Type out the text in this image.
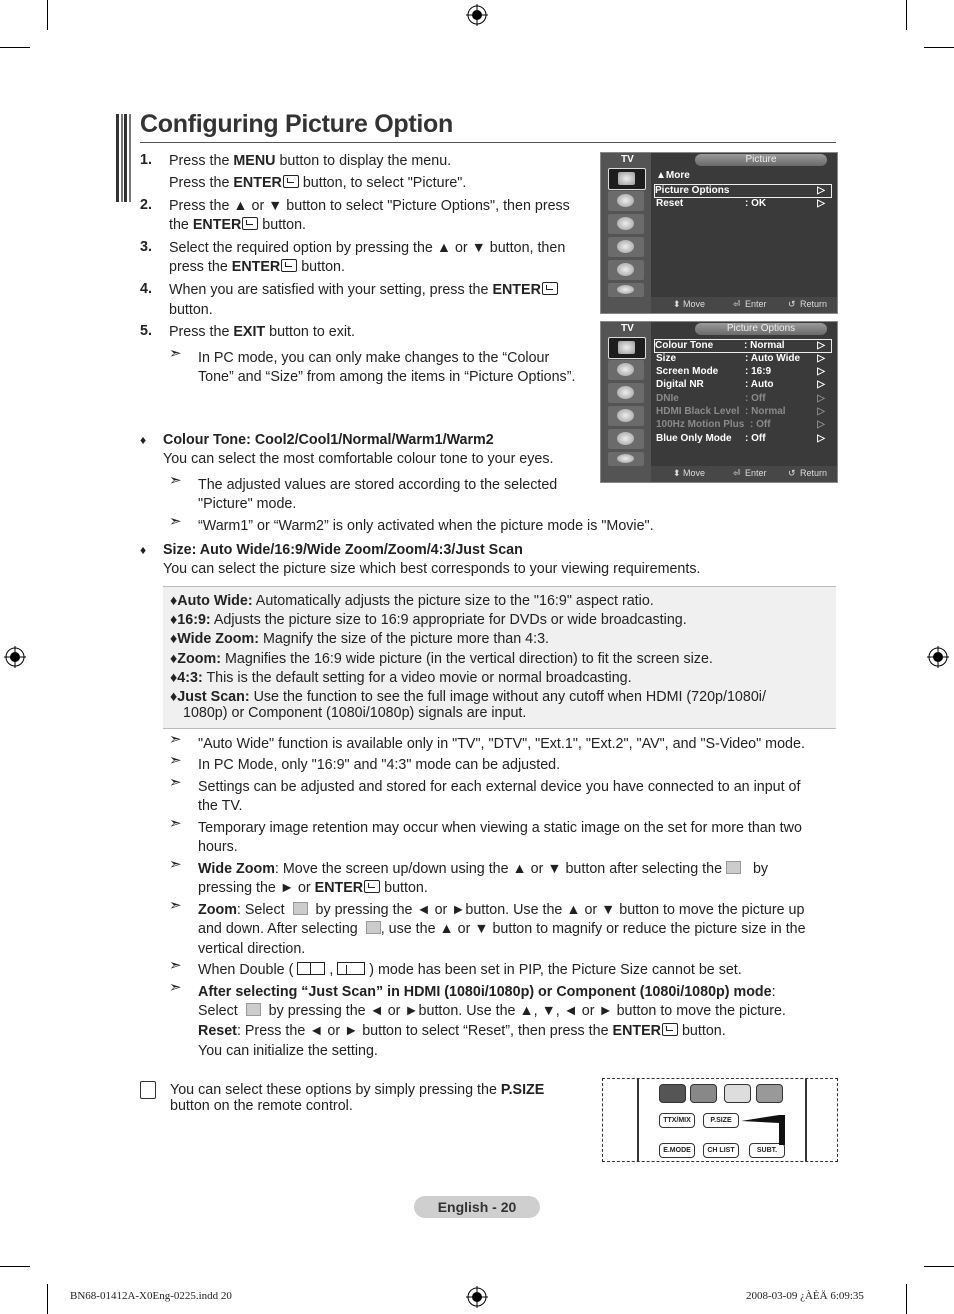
Configuring Picture Option
1. Press the MENU button to display the menu.
Press the ENTER button, to select "Picture".
2. Press the ▲ or ▼ button to select "Picture Options", then press
the ENTER button.
3. Select the required option by pressing the ▲ or ▼ button, then
press the ENTER button.
4. When you are satisfied with your setting, press the ENTER
button.
5. Press the EXIT button to exit.
➣ In PC mode, you can only make changes to the “Colour
Tone” and “Size” from among the items in “Picture Options”.
♦ Colour Tone: Cool2/Cool1/Normal/Warm1/Warm2
You can select the most comfortable colour tone to your eyes.
➣ The adjusted values are stored according to the selected
"Picture" mode.
➣ “Warm1” or “Warm2” is only activated when the picture mode is "Movie".
♦ Size: Auto Wide/16:9/Wide Zoom/Zoom/4:3/Just Scan
You can select the picture size which best corresponds to your viewing requirements.
♦Auto Wide: Automatically adjusts the picture size to the "16:9" aspect ratio.
♦16:9: Adjusts the picture size to 16:9 appropriate for DVDs or wide broadcasting.
♦Wide Zoom: Magnify the size of the picture more than 4:3.
♦Zoom: Magnifies the 16:9 wide picture (in the vertical direction) to fit the screen size.
♦4:3: This is the default setting for a video movie or normal broadcasting.
♦Just Scan: Use the function to see the full image without any cutoff when HDMI (720p/1080i/
1080p) or Component (1080i/1080p) signals are input.
➣ "Auto Wide" function is available only in "TV", "DTV", "Ext.1", "Ext.2", "AV", and "S-Video" mode.
➣ In PC Mode, only "16:9" and "4:3" mode can be adjusted.
➣ Settings can be adjusted and stored for each external device you have connected to an input of
the TV.
➣ Temporary image retention may occur when viewing a static image on the set for more than two
hours.
➣ Wide Zoom: Move the screen up/down using the ▲ or ▼ button after selecting the by
pressing the ► or ENTER button.
➣ Zoom: Select by pressing the ◄ or ►button. Use the ▲ or ▼ button to move the picture up
and down. After selecting , use the ▲ or ▼ button to magnify or reduce the picture size in the
vertical direction.
➣ When Double (	,	) mode has been set in PIP, the Picture Size cannot be set.
➣ After selecting “Just Scan” in HDMI (1080i/1080p) or Component (1080i/1080p) mode:
Select by pressing the ◄ or ►button. Use the ▲, ▼, ◄ or ► button to move the picture.
Reset: Press the ◄ or ► button to select “Reset”, then press the ENTER button.
You can initialize the setting.
You can select these options by simply pressing the P.SIZE
button on the remote control.
TTX/MIX	P.SIZE
E.MODE	CH LIST	SUBT.
TV	Picture
▲More
Picture Options	▷
Reset	: OK	▷
⬍ Move	⏎ Enter ↺ Return
TV	Picture Options
Colour Tone	: Normal	▷
Size	: Auto Wide ▷
Screen Mode	: 16:9	▷
Digital NR	: Auto	▷
DNIe	: Off	▷
HDMI Black Level : Normal	▷
100Hz Motion Plus : Off	▷
Blue Only Mode : Off	▷
⬍ Move	⏎ Enter ↺ Return
English - 20
BN68-01412A-X0Eng-0225.indd 20	2008-03-09 ¿ÀÈÄ 6:09:35
